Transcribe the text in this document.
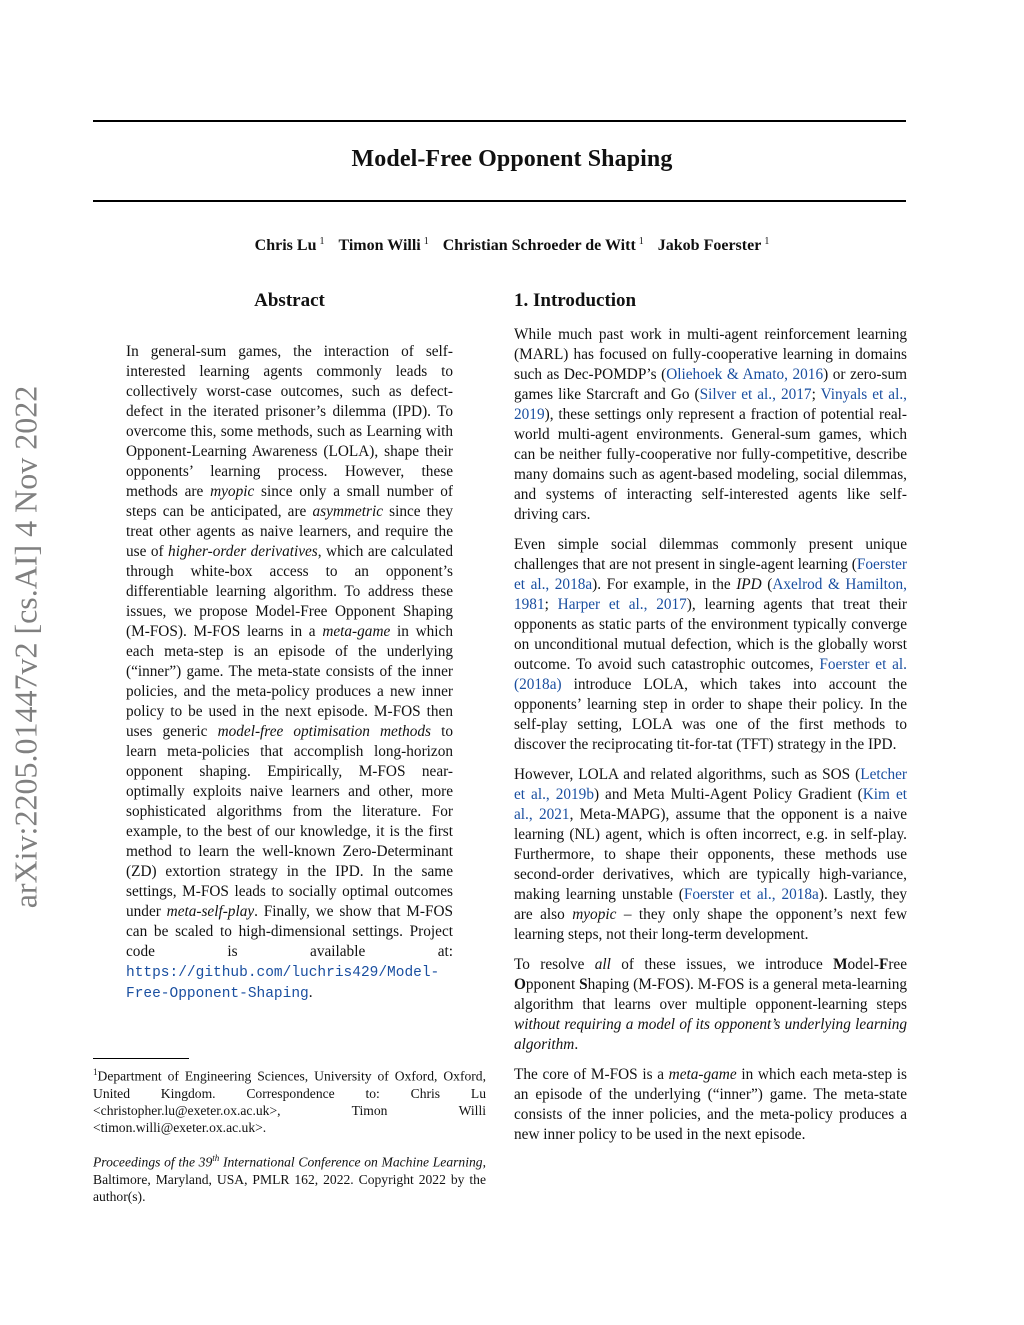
arXiv:2205.01447v2 [cs.AI] 4 Nov 2022
Model-Free Opponent Shaping
Chris Lu $^1$ Timon Willi $^1$ Christian Schroeder de Witt $^1$ Jakob Foerster $^1$
Abstract
In general-sum games, the interaction of self-interested learning agents commonly leads to collectively worst-case outcomes, such as defect-defect in the iterated prisoner’s dilemma (IPD). To overcome this, some methods, such as Learning with Opponent-Learning Awareness (LOLA), shape their opponents’ learning process. However, these methods are myopic since only a small number of steps can be anticipated, are asymmetric since they treat other agents as naive learners, and require the use of higher-order derivatives, which are calculated through white-box access to an opponent’s differentiable learning algorithm. To address these issues, we propose Model-Free Opponent Shaping (M-FOS). M-FOS learns in a meta-game in which each meta-step is an episode of the underlying (“inner”) game. The meta-state consists of the inner policies, and the meta-policy produces a new inner policy to be used in the next episode. M-FOS then uses generic model-free optimisation methods to learn meta-policies that accomplish long-horizon opponent shaping. Empirically, M-FOS near-optimally exploits naive learners and other, more sophisticated algorithms from the literature. For example, to the best of our knowledge, it is the first method to learn the well-known Zero-Determinant (ZD) extortion strategy in the IPD. In the same settings, M-FOS leads to socially optimal outcomes under meta-self-play. Finally, we show that M-FOS can be scaled to high-dimensional settings. Project code is available at: https://github.com/luchris429/Model-Free-Opponent-Shaping.
$^1$Department of Engineering Sciences, University of Oxford, Oxford, United Kingdom. Correspondence to: Chris Lu <christopher.lu@exeter.ox.ac.uk>, Timon Willi <timon.willi@exeter.ox.ac.uk>.
Proceedings of the 39th International Conference on Machine Learning, Baltimore, Maryland, USA, PMLR 162, 2022. Copyright 2022 by the author(s).
1. Introduction

While much past work in multi-agent reinforcement learning (MARL) has focused on fully-cooperative learning in domains such as Dec-POMDP’s (Oliehoek & Amato, 2016) or zero-sum games like Starcraft and Go (Silver et al., 2017; Vinyals et al., 2019), these settings only represent a fraction of potential real-world multi-agent environments. General-sum games, which can be neither fully-cooperative nor fully-competitive, describe many domains such as agent-based modeling, social dilemmas, and systems of interacting self-interested agents like self-driving cars.

Even simple social dilemmas commonly present unique challenges that are not present in single-agent learning (Foerster et al., 2018a). For example, in the IPD (Axelrod & Hamilton, 1981; Harper et al., 2017), learning agents that treat their opponents as static parts of the environment typically converge on unconditional mutual defection, which is the globally worst outcome. To avoid such catastrophic outcomes, Foerster et al. (2018a) introduce LOLA, which takes into account the opponents’ learning step in order to shape their policy. In the self-play setting, LOLA was one of the first methods to discover the reciprocating tit-for-tat (TFT) strategy in the IPD.

However, LOLA and related algorithms, such as SOS (Letcher et al., 2019b) and Meta Multi-Agent Policy Gradient (Kim et al., 2021, Meta-MAPG), assume that the opponent is a naive learning (NL) agent, which is often incorrect, e.g. in self-play. Furthermore, to shape their opponents, these methods use second-order derivatives, which are typically high-variance, making learning unstable (Foerster et al., 2018a). Lastly, they are also myopic – they only shape the opponent’s next few learning steps, not their long-term development.

To resolve all of these issues, we introduce Model-Free Opponent Shaping (M-FOS). M-FOS is a general meta-learning algorithm that learns over multiple opponent-learning steps without requiring a model of its opponent’s underlying learning algorithm.

The core of M-FOS is a meta-game in which each meta-step is an episode of the underlying (“inner”) game. The meta-state consists of the inner policies, and the meta-policy produces a new inner policy to be used in the next episode.
